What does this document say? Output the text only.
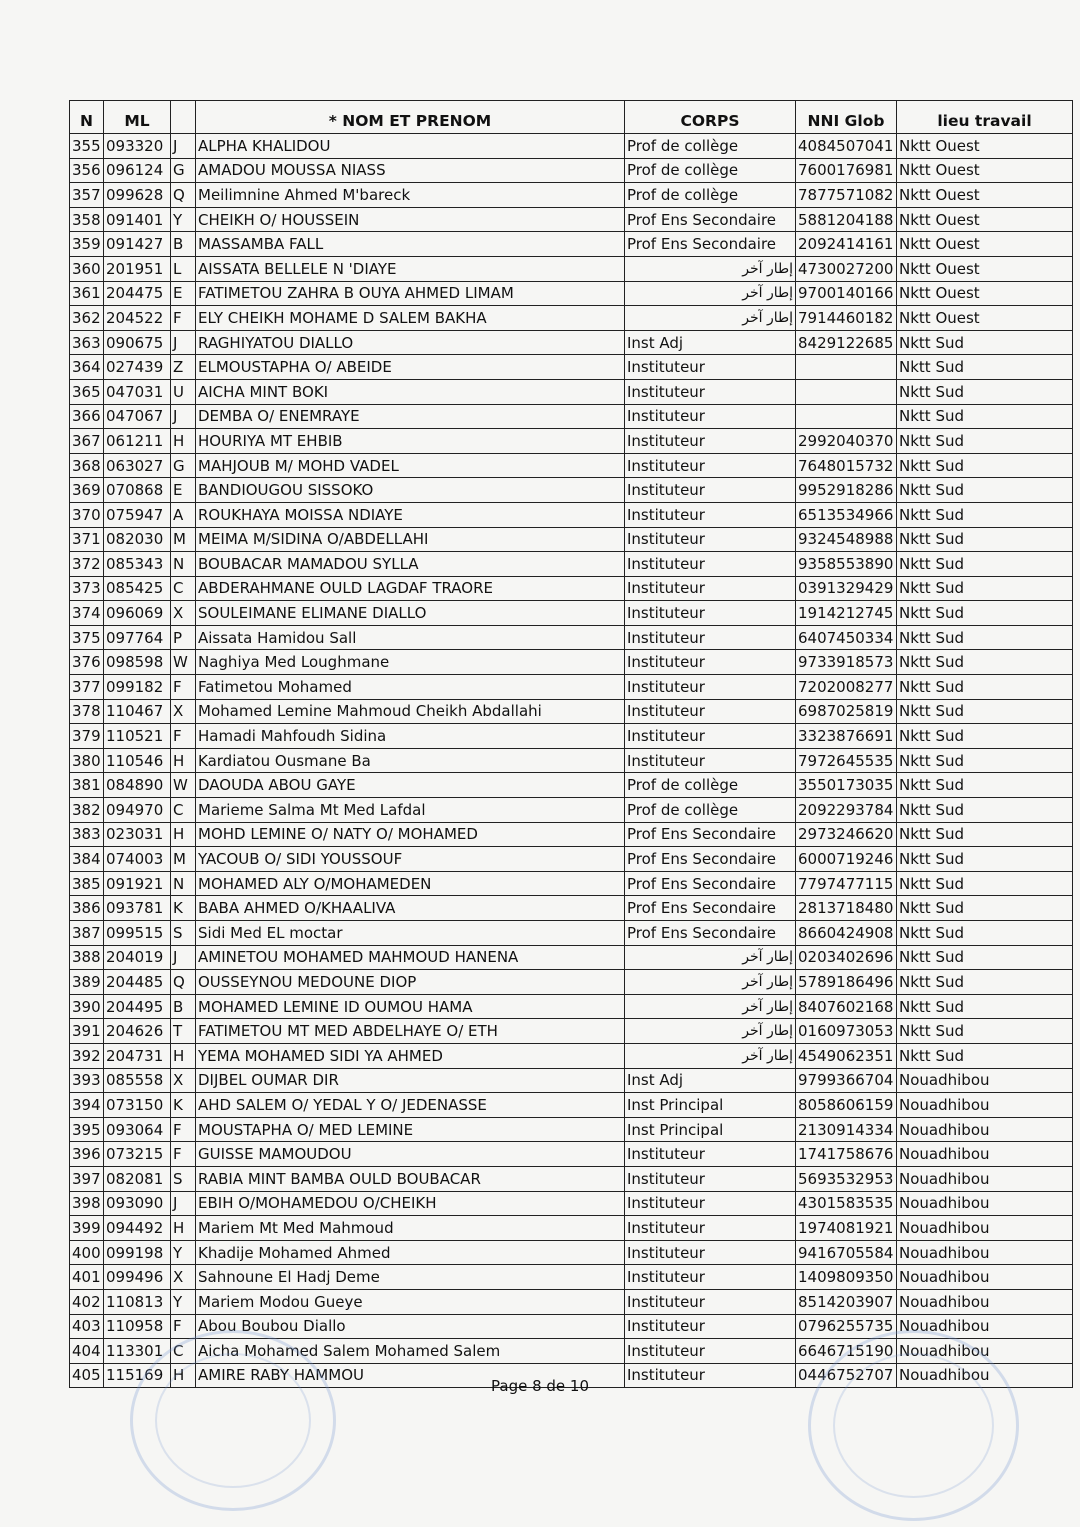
N	ML		* NOM ET PRENOM	CORPS	NNI Glob	lieu travail
355	093320	J	ALPHA KHALIDOU	Prof de collège	4084507041	Nktt Ouest
356	096124	G	AMADOU MOUSSA NIASS	Prof de collège	7600176981	Nktt Ouest
357	099628	Q	Meilimnine Ahmed M'bareck	Prof de collège	7877571082	Nktt Ouest
358	091401	Y	CHEIKH O/ HOUSSEIN	Prof Ens Secondaire	5881204188	Nktt Ouest
359	091427	B	MASSAMBA FALL	Prof Ens Secondaire	2092414161	Nktt Ouest
360	201951	L	AISSATA BELLELE N 'DIAYE	إطار آخر	4730027200	Nktt Ouest
361	204475	E	FATIMETOU ZAHRA B OUYA AHMED LIMAM	إطار آخر	9700140166	Nktt Ouest
362	204522	F	ELY CHEIKH MOHAME D SALEM BAKHA	إطار آخر	7914460182	Nktt Ouest
363	090675	J	RAGHIYATOU DIALLO	Inst Adj	8429122685	Nktt Sud
364	027439	Z	ELMOUSTAPHA O/ ABEIDE	Instituteur		Nktt Sud
365	047031	U	AICHA MINT BOKI	Instituteur		Nktt Sud
366	047067	J	DEMBA O/ ENEMRAYE	Instituteur		Nktt Sud
367	061211	H	HOURIYA MT EHBIB	Instituteur	2992040370	Nktt Sud
368	063027	G	MAHJOUB M/ MOHD VADEL	Instituteur	7648015732	Nktt Sud
369	070868	E	BANDIOUGOU SISSOKO	Instituteur	9952918286	Nktt Sud
370	075947	A	ROUKHAYA MOISSA NDIAYE	Instituteur	6513534966	Nktt Sud
371	082030	M	MEIMA M/SIDINA O/ABDELLAHI	Instituteur	9324548988	Nktt Sud
372	085343	N	BOUBACAR MAMADOU SYLLA	Instituteur	9358553890	Nktt Sud
373	085425	C	ABDERAHMANE OULD LAGDAF TRAORE	Instituteur	0391329429	Nktt Sud
374	096069	X	SOULEIMANE ELIMANE DIALLO	Instituteur	1914212745	Nktt Sud
375	097764	P	Aissata Hamidou Sall	Instituteur	6407450334	Nktt Sud
376	098598	W	Naghiya Med Loughmane	Instituteur	9733918573	Nktt Sud
377	099182	F	Fatimetou Mohamed	Instituteur	7202008277	Nktt Sud
378	110467	X	Mohamed Lemine Mahmoud Cheikh Abdallahi	Instituteur	6987025819	Nktt Sud
379	110521	F	Hamadi Mahfoudh Sidina	Instituteur	3323876691	Nktt Sud
380	110546	H	Kardiatou Ousmane Ba	Instituteur	7972645535	Nktt Sud
381	084890	W	DAOUDA ABOU GAYE	Prof de collège	3550173035	Nktt Sud
382	094970	C	Marieme Salma Mt Med Lafdal	Prof de collège	2092293784	Nktt Sud
383	023031	H	MOHD LEMINE O/ NATY O/ MOHAMED	Prof Ens Secondaire	2973246620	Nktt Sud
384	074003	M	YACOUB O/ SIDI YOUSSOUF	Prof Ens Secondaire	6000719246	Nktt Sud
385	091921	N	MOHAMED ALY O/MOHAMEDEN	Prof Ens Secondaire	7797477115	Nktt Sud
386	093781	K	BABA AHMED O/KHAALIVA	Prof Ens Secondaire	2813718480	Nktt Sud
387	099515	S	Sidi Med EL moctar	Prof Ens Secondaire	8660424908	Nktt Sud
388	204019	J	AMINETOU MOHAMED MAHMOUD HANENA	إطار آخر	0203402696	Nktt Sud
389	204485	Q	OUSSEYNOU MEDOUNE DIOP	إطار آخر	5789186496	Nktt Sud
390	204495	B	MOHAMED LEMINE ID OUMOU HAMA	إطار آخر	8407602168	Nktt Sud
391	204626	T	FATIMETOU MT MED ABDELHAYE O/ ETH	إطار آخر	0160973053	Nktt Sud
392	204731	H	YEMA MOHAMED SIDI YA AHMED	إطار آخر	4549062351	Nktt Sud
393	085558	X	DIJBEL OUMAR DIR	Inst Adj	9799366704	Nouadhibou
394	073150	K	AHD SALEM O/ YEDAL Y O/ JEDENASSE	Inst Principal	8058606159	Nouadhibou
395	093064	F	MOUSTAPHA O/ MED LEMINE	Inst Principal	2130914334	Nouadhibou
396	073215	F	GUISSE MAMOUDOU	Instituteur	1741758676	Nouadhibou
397	082081	S	RABIA MINT BAMBA OULD BOUBACAR	Instituteur	5693532953	Nouadhibou
398	093090	J	EBIH O/MOHAMEDOU O/CHEIKH	Instituteur	4301583535	Nouadhibou
399	094492	H	Mariem Mt Med Mahmoud	Instituteur	1974081921	Nouadhibou
400	099198	Y	Khadije Mohamed Ahmed	Instituteur	9416705584	Nouadhibou
401	099496	X	Sahnoune El Hadj Deme	Instituteur	1409809350	Nouadhibou
402	110813	Y	Mariem Modou Gueye	Instituteur	8514203907	Nouadhibou
403	110958	F	Abou Boubou Diallo	Instituteur	0796255735	Nouadhibou
404	113301	C	Aicha Mohamed Salem Mohamed Salem	Instituteur	6646715190	Nouadhibou
405	115169	H	AMIRE RABY HAMMOU	Instituteur	0446752707	Nouadhibou
Page 8 de 10
